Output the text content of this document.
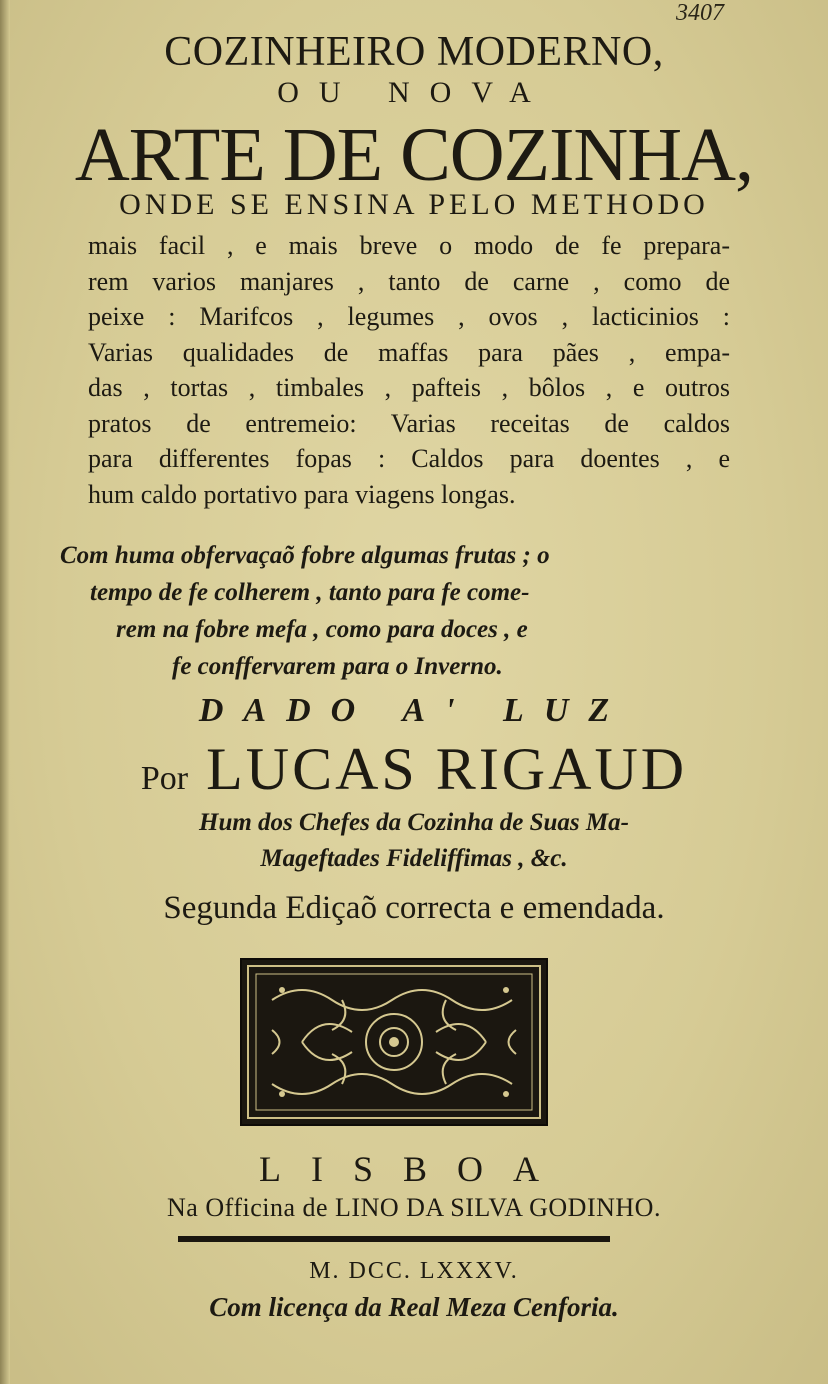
3407
COZINHEIRO MODERNO,
OU NOVA
ARTE DE COZINHA,
ONDE SE ENSINA PELO METHODO
mais facil , e mais breve o modo de fe prepara-
rem varios manjares , tanto de carne , como de
peixe : Marifcos , legumes , ovos , lacticinios :
Varias qualidades de maffas para pães , empa-
das , tortas , timbales , pafteis , bôlos , e outros
pratos de entremeio: Varias receitas de caldos
para differentes fopas : Caldos para doentes , e
hum caldo portativo para viagens longas.
Com huma obfervaçaõ fobre algumas frutas ; o
tempo de fe colherem , tanto para fe come-
rem na fobre mefa , como para doces , e
fe conffervarem para o Inverno.
DADO A' LUZ
Por LUCAS RIGAUD
Hum dos Chefes da Cozinha de Suas Ma-
Mageftades Fideliffimas , &c.
Segunda Ediçaõ correcta e emendada.
LISBOA
Na Officina de LINO DA SILVA GODINHO.
M. DCC. LXXXV.
Com licença da Real Meza Cenforia.
